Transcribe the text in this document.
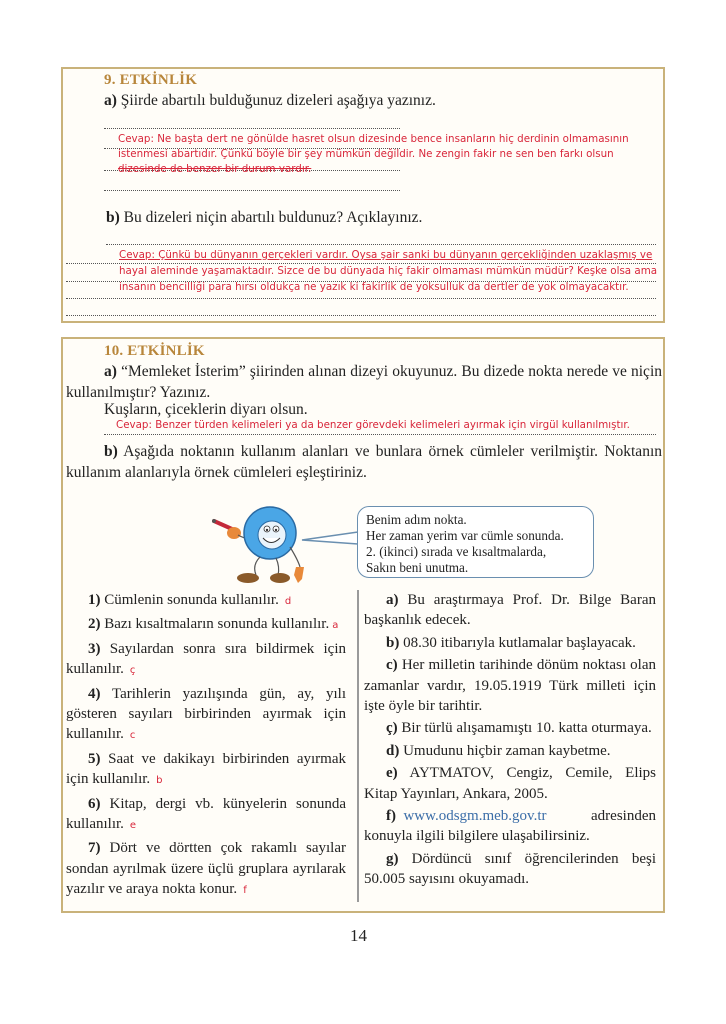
9. ETKİNLİK
a) Şiirde abartılı bulduğunuz dizeleri aşağıya yazınız.
Cevap: Ne başta dert ne gönülde hasret olsun dizesinde bence insanların hiç derdinin olmamasının
istenmesi abartıdır. Çünkü böyle bir şey mümkün değildir. Ne zengin fakir ne sen ben farkı olsun
dizesinde de benzer bir durum vardır.
b) Bu dizeleri niçin abartılı buldunuz? Açıklayınız.
Cevap: Çünkü bu dünyanın gerçekleri vardır. Oysa şair sanki bu dünyanın gerçekliğinden uzaklaşmış ve
hayal aleminde yaşamaktadır. Sizce de bu dünyada hiç fakir olmaması mümkün müdür? Keşke olsa ama
insanın bencilliği para hırsı oldukça ne yazık ki fakirlik de yoksulluk da dertler de yok olmayacaktır.
10. ETKİNLİK
a) “Memleket İsterim” şiirinden alınan dizeyi okuyunuz. Bu dizede nokta nerede ve niçin kullanılmıştır? Yazınız.
Kuşların, çiceklerin diyarı olsun.
Cevap: Benzer türden kelimeleri ya da benzer görevdeki kelimeleri ayırmak için virgül kullanılmıştır.
b) Aşağıda noktanın kullanım alanları ve bunlara örnek cümleler verilmiştir. Noktanın kullanım alanlarıyla örnek cümleleri eşleştiriniz.
Benim adım nokta.
Her zaman yerim var cümle sonunda.
2. (ikinci) sırada ve kısaltmalarda,
Sakın beni unutma.
1) Cümlenin sonunda kullanılır. d
2) Bazı kısaltmaların sonunda kullanılır. a
3) Sayılardan sonra sıra bildirmek için kullanılır. ç
4) Tarihlerin yazılışında gün, ay, yılı gösteren sayıları birbirinden ayırmak için kullanılır. c
5) Saat ve dakikayı birbirinden ayırmak için kullanılır. b
6) Kitap, dergi vb. künyelerin sonunda kullanılır. e
7) Dört ve dörtten çok rakamlı sayılar sondan ayrılmak üzere üçlü gruplara ayrılarak yazılır ve araya nokta konur. f
a) Bu araştırmaya Prof. Dr. Bilge Baran başkanlık edecek.
b) 08.30 itibarıyla kutlamalar başlayacak.
c) Her milletin tarihinde dönüm noktası olan zamanlar vardır, 19.05.1919 Türk milleti için işte öyle bir tarihtir.
ç) Bir türlü alışamamıştı 10. katta oturmaya.
d) Umudunu hiçbir zaman kaybetme.
e) AYTMATOV, Cengiz, Cemile, Elips Kitap Yayınları, Ankara, 2005.
f) www.odsgm.meb.gov.tr      adresinden konuyla ilgili bilgilere ulaşabilirsiniz.
g) Dördüncü sınıf öğrencilerinden beşi 50.005 sayısını okuyamadı.
14
